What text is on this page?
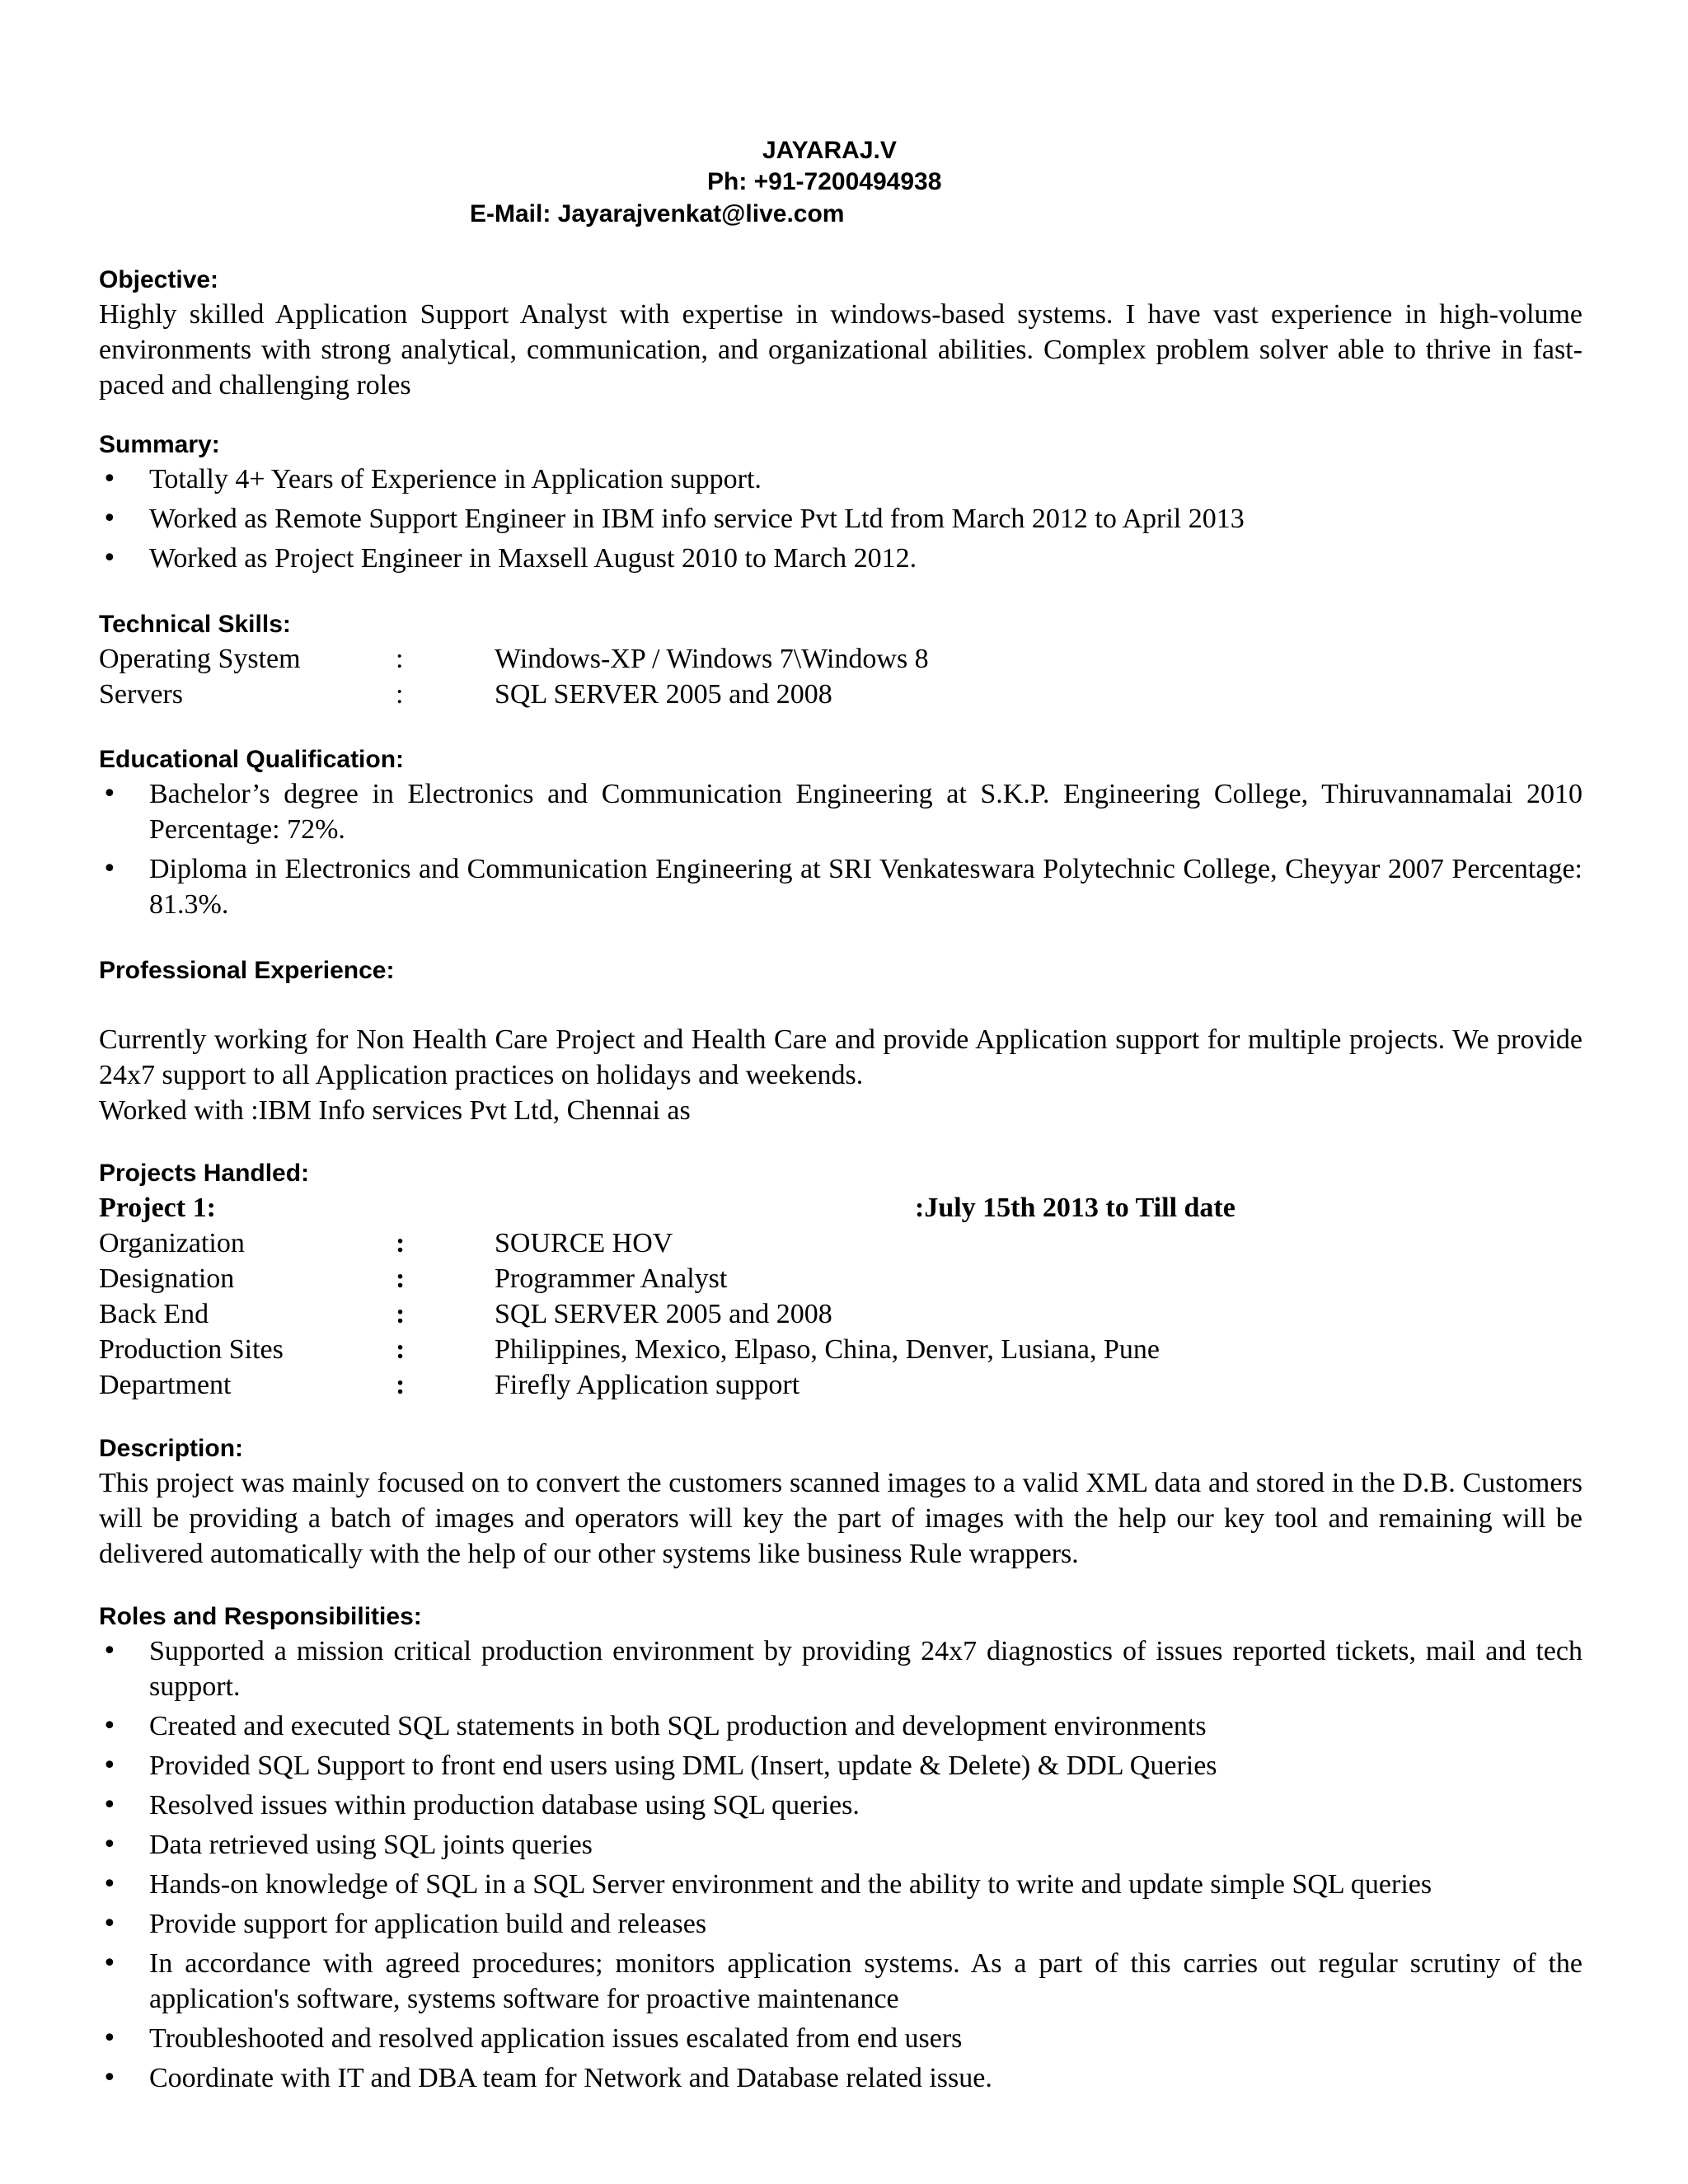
JAYARAJ.V
Ph: +91-7200494938
E-Mail: Jayarajvenkat@live.com

Objective:

Highly skilled Application Support Analyst with expertise in windows-based systems. I have vast experience in high-volume environments with strong analytical, communication, and organizational abilities. Complex problem solver able to thrive in fast-paced and challenging roles

Summary:

• Totally 4+ Years of Experience in Application support.
• Worked as Remote Support Engineer in IBM info service Pvt Ltd from March 2012 to April 2013
• Worked as Project Engineer in Maxsell August 2010 to March 2012.

Technical Skills:

Operating System	:	Windows-XP / Windows 7\Windows 8
Servers	:	SQL SERVER 2005 and 2008

Educational Qualification:

• Bachelor’s degree in Electronics and Communication Engineering at S.K.P. Engineering College, Thiruvannamalai 2010 Percentage: 72%.
• Diploma in Electronics and Communication Engineering at SRI Venkateswara Polytechnic College, Cheyyar 2007 Percentage: 81.3%.

Professional Experience:

Currently working for Non Health Care Project and Health Care and provide Application support for multiple projects. We provide 24x7 support to all Application practices on holidays and weekends.

Worked with :IBM Info services Pvt Ltd, Chennai as

Projects Handled:

Project 1:	:July 15th 2013 to Till date
Organization	:	SOURCE HOV
Designation	:	Programmer Analyst
Back End	:	SQL SERVER 2005 and 2008
Production Sites	:	Philippines, Mexico, Elpaso, China, Denver, Lusiana, Pune
Department	:	Firefly Application support

Description:

This project was mainly focused on to convert the customers scanned images to a valid XML data and stored in the D.B. Customers will be providing a batch of images and operators will key the part of images with the help our key tool and remaining will be delivered automatically with the help of our other systems like business Rule wrappers.

Roles and Responsibilities:

• Supported a mission critical production environment by providing 24x7 diagnostics of issues reported tickets, mail and tech support.
• Created and executed SQL statements in both SQL production and development environments
• Provided SQL Support to front end users using DML (Insert, update & Delete) & DDL Queries
• Resolved issues within production database using SQL queries.
• Data retrieved using SQL joints queries
• Hands-on knowledge of SQL in a SQL Server environment and the ability to write and update simple SQL queries
• Provide support for application build and releases
• In accordance with agreed procedures; monitors application systems. As a part of this carries out regular scrutiny of the application's software, systems software for proactive maintenance
• Troubleshooted and resolved application issues escalated from end users
• Coordinate with IT and DBA team for Network and Database related issue.
